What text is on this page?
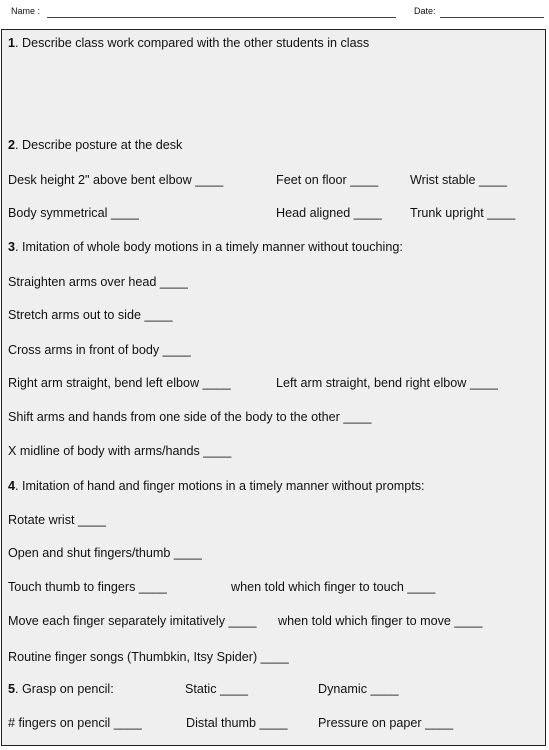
Name :	Date:
1. Describe class work compared with the other students in class
2. Describe posture at the desk
Desk height 2" above bent elbow ____	Feet on floor ____	Wrist stable ____
Body symmetrical ____	Head aligned ____ Trunk upright ____
3. Imitation of whole body motions in a timely manner without touching:
Straighten arms over head ____
Stretch arms out to side ____
Cross arms in front of body ____
Right arm straight, bend left elbow ____	Left arm straight, bend right elbow ____
Shift arms and hands from one side of the body to the other ____
X midline of body with arms/hands ____
4. Imitation of hand and finger motions in a timely manner without prompts:
Rotate wrist ____
Open and shut fingers/thumb ____
Touch thumb to fingers ____	when told which finger to touch ____
Move each finger separately imitatively ____ when told which finger to move ____
Routine finger songs (Thumbkin, Itsy Spider) ____
5. Grasp on pencil:	Static ____	Dynamic ____
# fingers on pencil ____	Distal thumb ____ Pressure on paper ____
